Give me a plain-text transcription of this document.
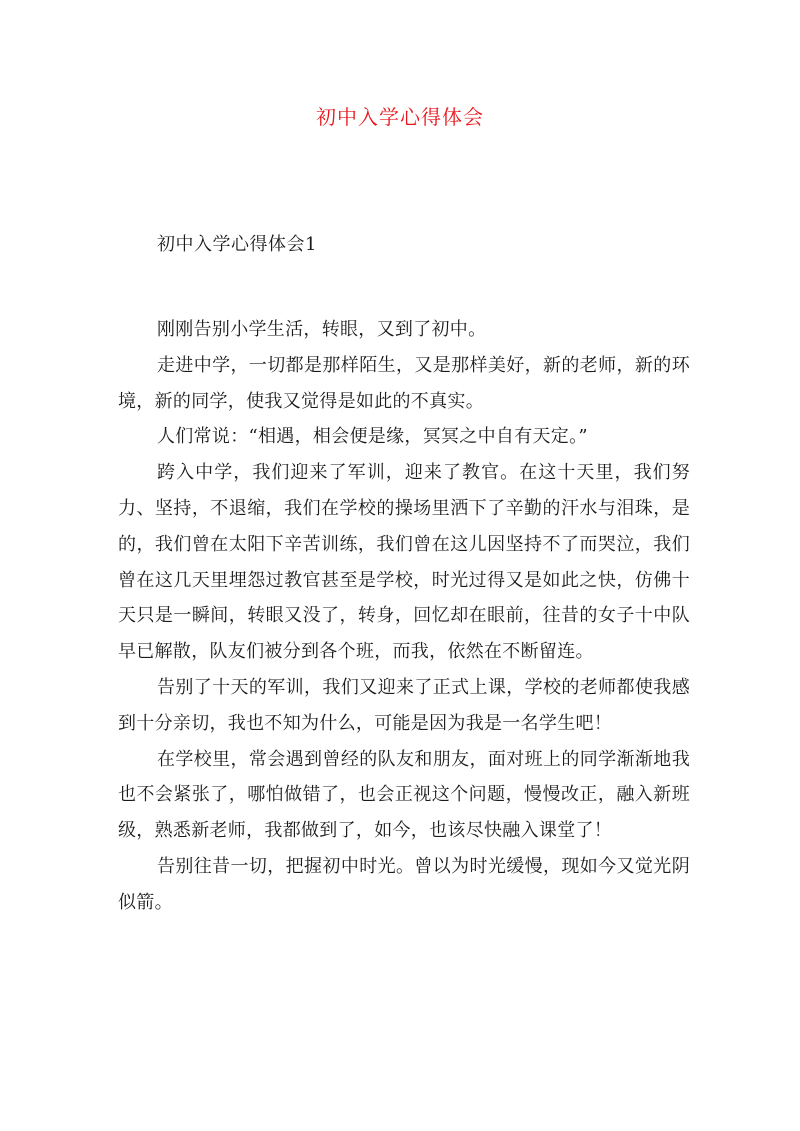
初中入学心得体会
初中入学心得体会1

刚刚告别小学生活，转眼，又到了初中。

走进中学，一切都是那样陌生，又是那样美好，新的老师，新的环境，新的同学，使我又觉得是如此的不真实。

人们常说：“相遇，相会便是缘，冥冥之中自有天定。”

跨入中学，我们迎来了军训，迎来了教官。在这十天里，我们努力、坚持，不退缩，我们在学校的操场里洒下了辛勤的汗水与泪珠，是的，我们曾在太阳下辛苦训练，我们曾在这儿因坚持不了而哭泣，我们曾在这几天里埋怨过教官甚至是学校，时光过得又是如此之快，仿佛十天只是一瞬间，转眼又没了，转身，回忆却在眼前，往昔的女子十中队早已解散，队友们被分到各个班，而我，依然在不断留连。

告别了十天的军训，我们又迎来了正式上课，学校的老师都使我感到十分亲切，我也不知为什么，可能是因为我是一名学生吧！

在学校里，常会遇到曾经的队友和朋友，面对班上的同学渐渐地我也不会紧张了，哪怕做错了，也会正视这个问题，慢慢改正，融入新班级，熟悉新老师，我都做到了，如今，也该尽快融入课堂了！

告别往昔一切，把握初中时光。曾以为时光缓慢，现如今又觉光阴似箭。
